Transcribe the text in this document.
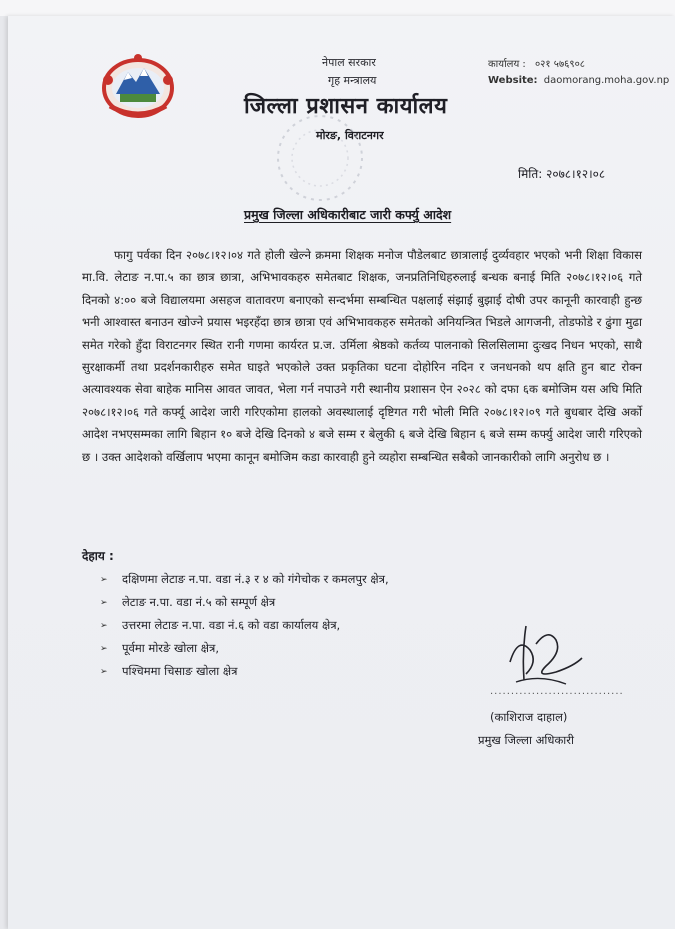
नेपाल सरकार
गृह मन्त्रालय
जिल्ला प्रशासन कार्यालय
मोरङ, विराटनगर
कार्यालय : ०२१ ५७६९०८
Website: daomorang.moha.gov.np
मिति: २०७८।१२।०८
प्रमुख जिल्ला अधिकारीबाट जारी कर्फ्यु आदेश
फागु पर्वका दिन २०७८।१२।०४ गते होली खेल्ने क्रममा शिक्षक मनोज पौडेलबाट छात्रालाई दुर्व्यवहार भएको भनी शिक्षा विकास मा.वि. लेटाङ न.पा.५ का छात्र छात्रा, अभिभावकहरु समेतबाट शिक्षक, जनप्रतिनिधिहरुलाई बन्धक बनाई मिति २०७८।१२।०६ गते दिनको ४:०० बजे विद्यालयमा असहज वातावरण बनाएको सन्दर्भमा सम्बन्धित पक्षलाई संझाई बुझाई दोषी उपर कानूनी कारवाही हुन्छ भनी आश्वास्त बनाउन खोज्ने प्रयास भइरहँदा छात्र छात्रा एवं अभिभावकहरु समेतको अनियन्त्रित भिडले आगजनी, तोडफोडे र ढुंगा मुढा समेत गरेको हुँदा विराटनगर स्थित रानी गणमा कार्यरत प्र.ज. उर्मिला श्रेष्ठको कर्तव्य पालनाको सिलसिलामा दुःखद निधन भएको, साथै सुरक्षाकर्मी तथा प्रदर्शनकारीहरु समेत घाइते भएकोले उक्त प्रकृतिका घटना दोहोरिन नदिन र जनधनको थप क्षति हुन बाट रोक्न अत्यावश्यक सेवा बाहेक मानिस आवत जावत, भेला गर्न नपाउने गरी स्थानीय प्रशासन ऐन २०२८ को दफा ६क बमोजिम यस अघि मिति २०७८।१२।०६ गते कर्फ्यू आदेश जारी गरिएकोमा हालको अवस्थालाई दृष्टिगत गरी भोली मिति २०७८।१२।०९ गते बुधबार देखि अर्को आदेश नभएसम्मका लागि बिहान १० बजे देखि दिनको ४ बजे सम्म र बेलुकी ६ बजे देखि बिहान ६ बजे सम्म कर्फ्यु आदेश जारी गरिएको छ । उक्त आदेशको वर्खिलाप भएमा कानून बमोजिम कडा कारवाही हुने व्यहोरा सम्बन्धित सबैको जानकारीको लागि अनुरोध छ ।
देहाय :
➢	दक्षिणमा लेटाङ न.पा. वडा नं.३ र ४ को गंगेचोक र कमलपुर क्षेत्र,
➢	लेटाङ न.पा. वडा नं.५ को सम्पूर्ण क्षेत्र
➢	उत्तरमा लेटाङ न.पा. वडा नं.६ को वडा कार्यालय क्षेत्र,
➢	पूर्वमा मोरङे खोला क्षेत्र,
➢	पश्चिममा चिसाङ खोला क्षेत्र
................................
(काशिराज दाहाल)
प्रमुख जिल्ला अधिकारी
